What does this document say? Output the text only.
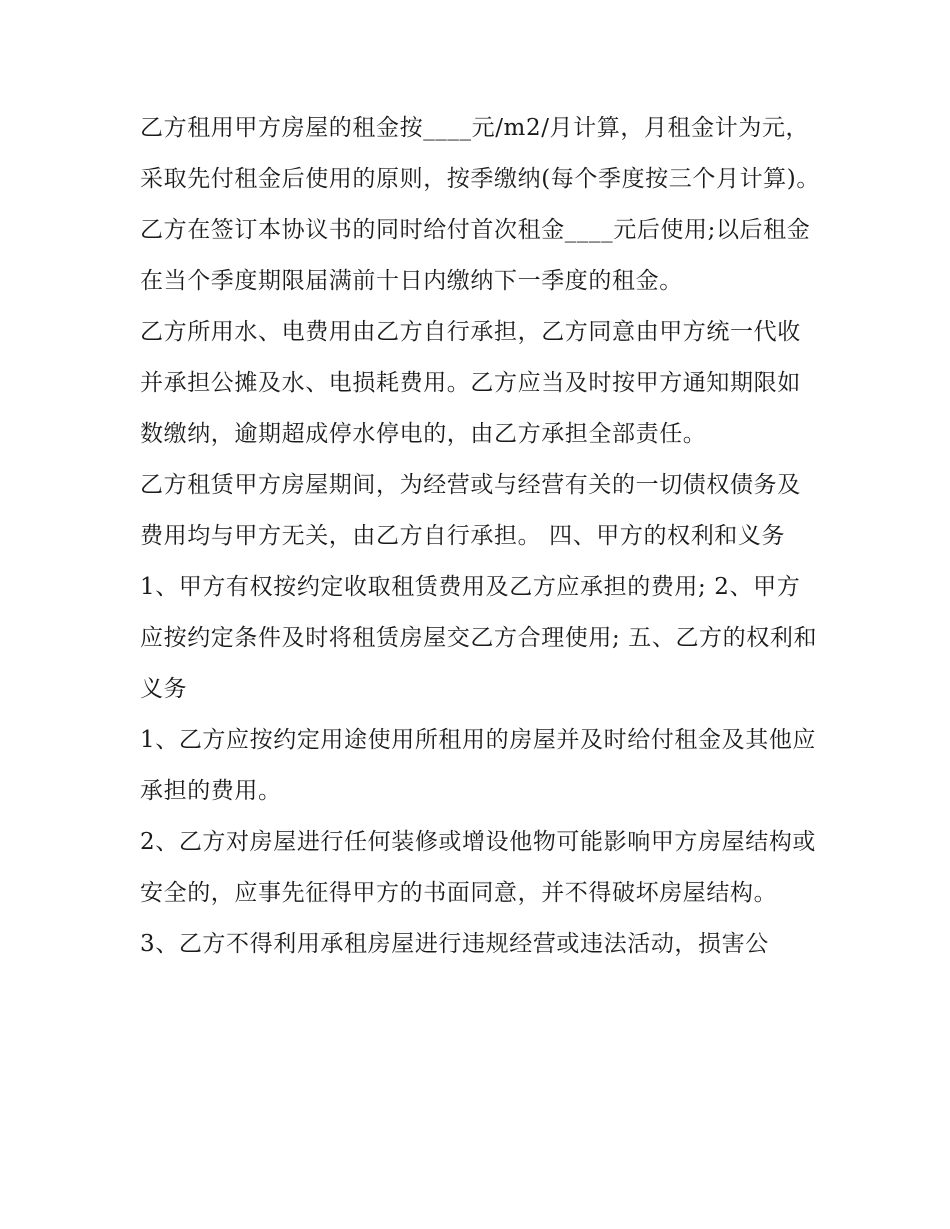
乙方租用甲方房屋的租金按____元/m2/月计算，月租金计为元，采取先付租金后使用的原则，按季缴纳(每个季度按三个月计算)。乙方在签订本协议书的同时给付首次租金____元后使用;以后租金在当个季度期限届满前十日内缴纳下一季度的租金。

乙方所用水、电费用由乙方自行承担，乙方同意由甲方统一代收并承担公摊及水、电损耗费用。乙方应当及时按甲方通知期限如数缴纳，逾期超成停水停电的，由乙方承担全部责任。

乙方租赁甲方房屋期间，为经营或与经营有关的一切债权债务及费用均与甲方无关，由乙方自行承担。 四、甲方的权利和义务

1、甲方有权按约定收取租赁费用及乙方应承担的费用; 2、甲方应按约定条件及时将租赁房屋交乙方合理使用; 五、乙方的权利和义务

1、乙方应按约定用途使用所租用的房屋并及时给付租金及其他应承担的费用。

2、乙方对房屋进行任何装修或增设他物可能影响甲方房屋结构或安全的，应事先征得甲方的书面同意，并不得破坏房屋结构。

3、乙方不得利用承租房屋进行违规经营或违法活动，损害公
